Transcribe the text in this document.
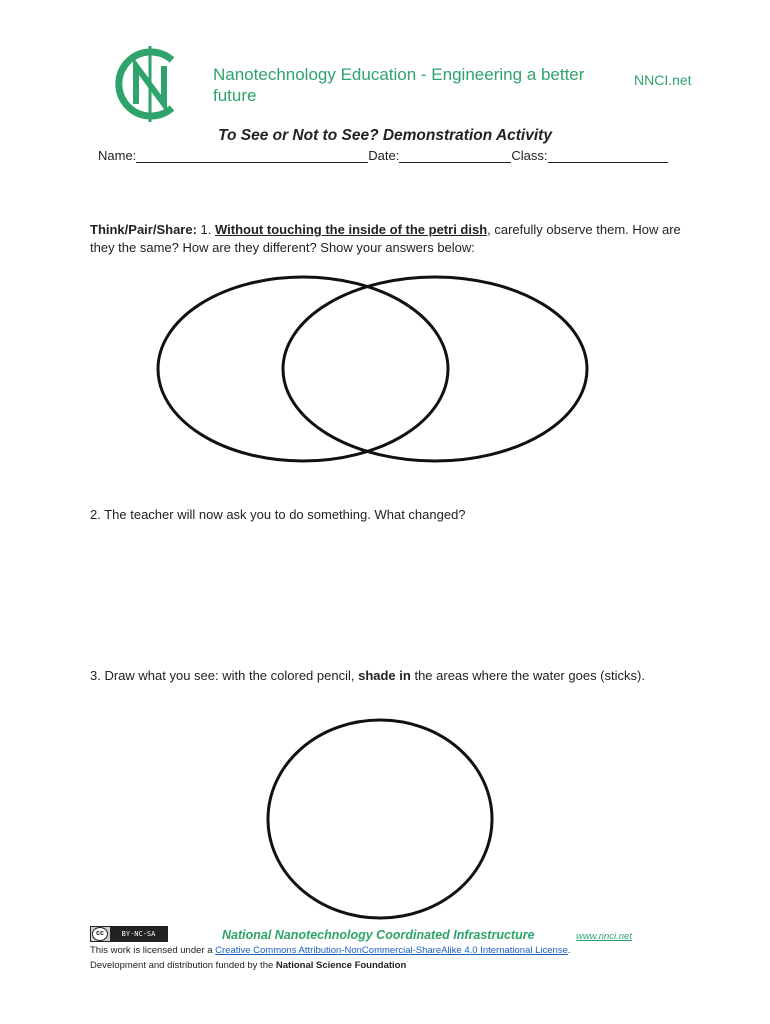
Nanotechnology Education - Engineering a better future
NNCI.net
To See or Not to See? Demonstration Activity
Name:	Date:	Class:
Think/Pair/Share: 1. Without touching the inside of the petri dish, carefully observe them. How are they the same? How are they different? Show your answers below:
2. The teacher will now ask you to do something. What changed?
3. Draw what you see: with the colored pencil, shade in the areas where the water goes (sticks).
cc	BY-NC-SA	National Nanotechnology Coordinated Infrastructure	www.nnci.net
This work is licensed under a Creative Commons Attribution-NonCommercial-ShareAlike 4.0 International License.
Development and distribution funded by the National Science Foundation
